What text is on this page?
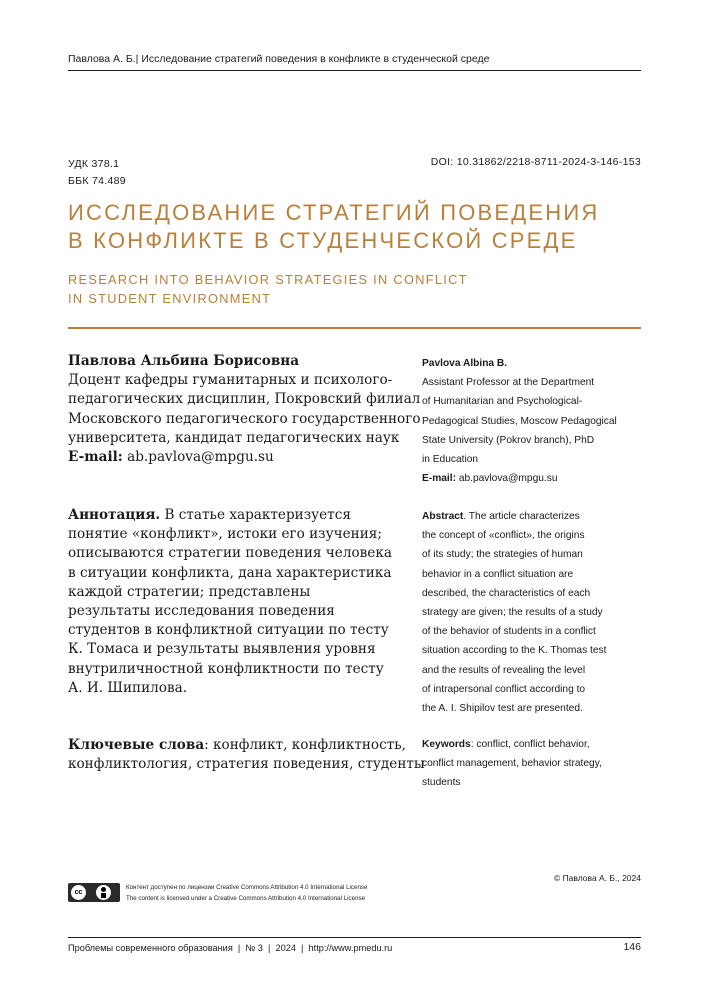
Павлова А. Б.| Исследование стратегий поведения в конфликте в студенческой среде
УДК 378.1
ББК 74.489
DOI: 10.31862/2218-8711-2024-3-146-153
ИССЛЕДОВАНИЕ СТРАТЕГИЙ ПОВЕДЕНИЯ
В КОНФЛИКТЕ В СТУДЕНЧЕСКОЙ СРЕДЕ
RESEARCH INTO BEHAVIOR STRATEGIES IN CONFLICT
IN STUDENT ENVIRONMENT
Павлова Альбина Борисовна
Доцент кафедры гуманитарных и психолого-
педагогических дисциплин, Покровский филиал
Московского педагогического государственного
университета, кандидат педагогических наук
E-mail: ab.pavlova@mpgu.su
Pavlova Albina B.
Assistant Professor at the Department
of Humanitarian and Psychological-
Pedagogical Studies, Moscow Pedagogical
State University (Pokrov branch), PhD
in Education
E-mail: ab.pavlova@mpgu.su
Аннотация. В статье характеризуется
понятие «конфликт», истоки его изучения;
описываются стратегии поведения человека
в ситуации конфликта, дана характеристика
каждой стратегии; представлены
результаты исследования поведения
студентов в конфликтной ситуации по тесту
К. Томаса и результаты выявления уровня
внутриличностной конфликтности по тесту
А. И. Шипилова.
Abstract. The article characterizes
the concept of «conflict», the origins
of its study; the strategies of human
behavior in a conflict situation are
described, the characteristics of each
strategy are given; the results of a study
of the behavior of students in a conflict
situation according to the K. Thomas test
and the results of revealing the level
of intrapersonal conflict according to
the A. I. Shipilov test are presented.
Ключевые слова: конфликт, конфликтность,
конфликтология, стратегия поведения, студенты
Keywords: conflict, conflict behavior,
conflict management, behavior strategy,
students
© Павлова А. Б., 2024
cc
Контент доступен по лицензии Creative Commons Attribution 4.0 International License
The content is licensed under a Creative Commons Attribution 4.0 International License
Проблемы современного образования  |  № 3  |  2024  |  http://www.pmedu.ru	146
